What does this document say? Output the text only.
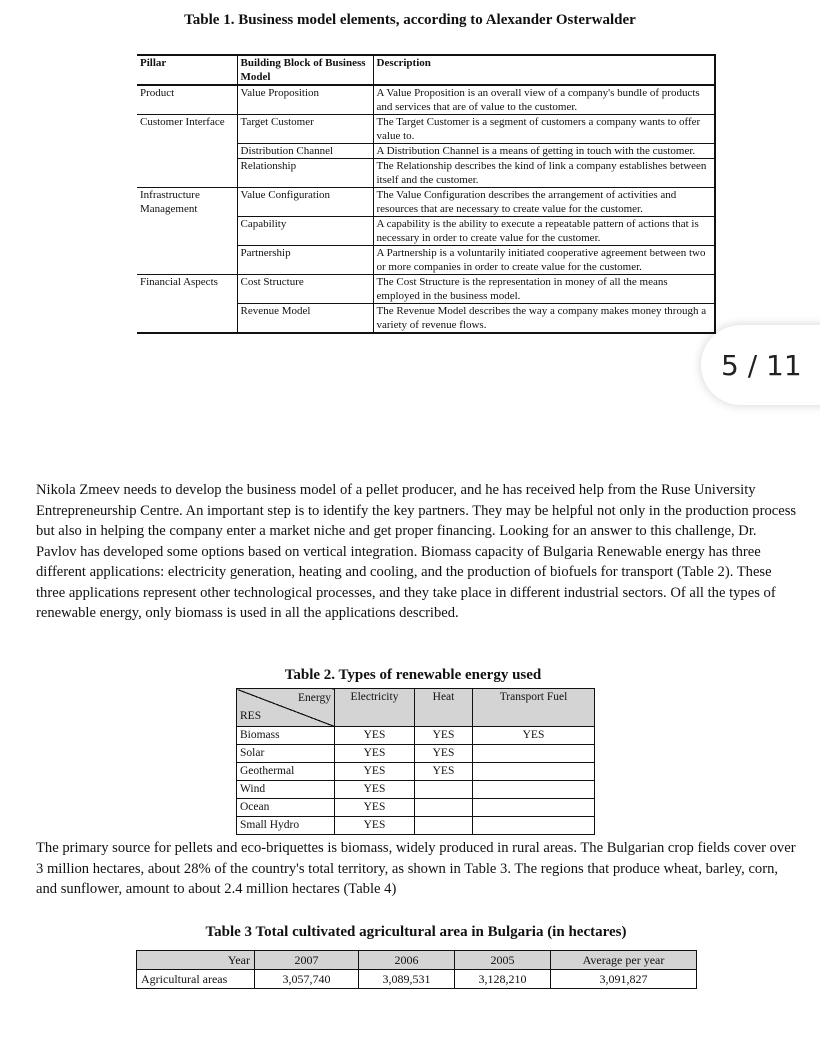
Table 1. Business model elements, according to Alexander Osterwalder
Pillar	Building Block of Business Model	Description
Product	Value Proposition	A Value Proposition is an overall view of a company's bundle of products and services that are of value to the customer.
Customer Interface	Target Customer	The Target Customer is a segment of customers a company wants to offer value to.
	Distribution Channel	A Distribution Channel is a means of getting in touch with the customer.
	Relationship	The Relationship describes the kind of link a company establishes between itself and the customer.
Infrastructure Management	Value Configuration	The Value Configuration describes the arrangement of activities and resources that are necessary to create value for the customer.
	Capability	A capability is the ability to execute a repeatable pattern of actions that is necessary in order to create value for the customer.
	Partnership	A Partnership is a voluntarily initiated cooperative agreement between two or more companies in order to create value for the customer.
Financial Aspects	Cost Structure	The Cost Structure is the representation in money of all the means employed in the business model.
	Revenue Model	The Revenue Model describes the way a company makes money through a variety of revenue flows.
5 / 11

Nikola Zmeev needs to develop the business model of a pellet producer, and he has received help from the Ruse University Entrepreneurship Centre. An important step is to identify the key partners. They may be helpful not only in the production process but also in helping the company enter a market niche and get proper financing. Looking for an answer to this challenge, Dr. Pavlov has developed some options based on vertical integration. Biomass capacity of Bulgaria Renewable energy has three different applications: electricity generation, heating and cooling, and the production of biofuels for transport (Table 2). These three applications represent other technological processes, and they take place in different industrial sectors. Of all the types of renewable energy, only biomass is used in all the applications described.

Table 2. Types of renewable energy used
Energy
RES	Electricity	Heat	Transport Fuel
Biomass	YES	YES	YES
Solar	YES	YES	
Geothermal	YES	YES	
Wind	YES		
Ocean	YES		
Small Hydro	YES		

The primary source for pellets and eco-briquettes is biomass, widely produced in rural areas. The Bulgarian crop fields cover over 3 million hectares, about 28% of the country's total territory, as shown in Table 3. The regions that produce wheat, barley, corn, and sunflower, amount to about 2.4 million hectares (Table 4)

Table 3 Total cultivated agricultural area in Bulgaria (in hectares)
Year	2007	2006	2005	Average per year
Agricultural areas	3,057,740	3,089,531	3,128,210	3,091,827
